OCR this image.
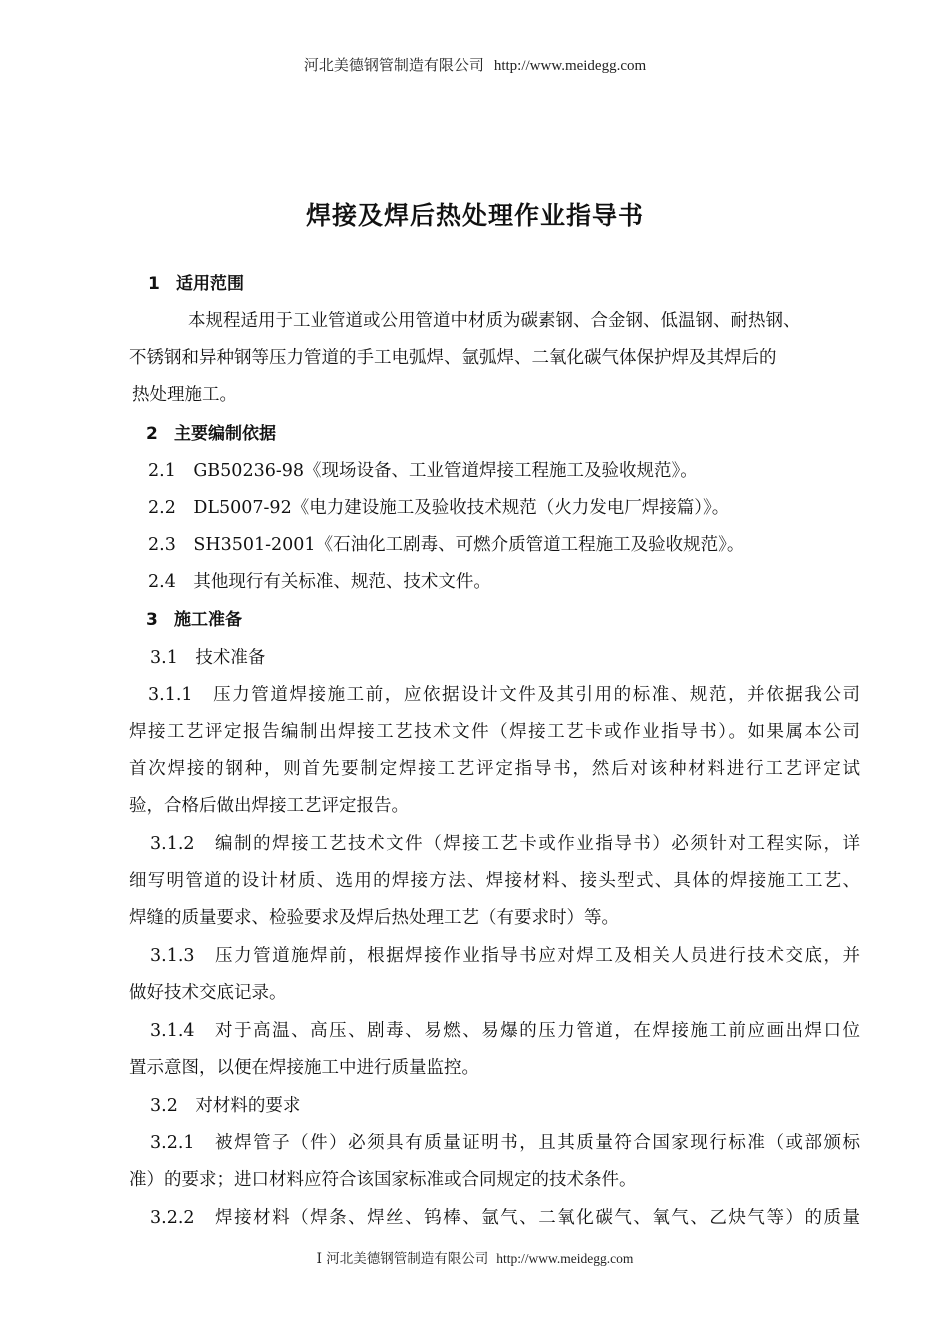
河北美德钢管制造有限公司 http://www.meidegg.com
焊接及焊后热处理作业指导书
1 适用范围
本规程适用于工业管道或公用管道中材质为碳素钢、合金钢、低温钢、耐热钢、
不锈钢和异种钢等压力管道的手工电弧焊、氩弧焊、二氧化碳气体保护焊及其焊后的
热处理施工。
2 主要编制依据
2.1　GB50236-98《现场设备、工业管道焊接工程施工及验收规范》。
2.2　DL5007-92《电力建设施工及验收技术规范（火力发电厂焊接篇）》。
2.3　SH3501-2001《石油化工剧毒、可燃介质管道工程施工及验收规范》。
2.4　其他现行有关标准、规范、技术文件。
3 施工准备
3.1　技术准备
3.1.1　压力管道焊接施工前，应依据设计文件及其引用的标准、规范，并依据我公司
焊接工艺评定报告编制出焊接工艺技术文件（焊接工艺卡或作业指导书）。如果属本公司
首次焊接的钢种，则首先要制定焊接工艺评定指导书，然后对该种材料进行工艺评定试
验，合格后做出焊接工艺评定报告。
3.1.2　编制的焊接工艺技术文件（焊接工艺卡或作业指导书）必须针对工程实际，详
细写明管道的设计材质、选用的焊接方法、焊接材料、接头型式、具体的焊接施工工艺、
焊缝的质量要求、检验要求及焊后热处理工艺（有要求时）等。
3.1.3　压力管道施焊前，根据焊接作业指导书应对焊工及相关人员进行技术交底，并
做好技术交底记录。
3.1.4　对于高温、高压、剧毒、易燃、易爆的压力管道，在焊接施工前应画出焊口位
置示意图，以便在焊接施工中进行质量监控。
3.2　对材料的要求
3.2.1　被焊管子（件）必须具有质量证明书，且其质量符合国家现行标准（或部颁标
准）的要求；进口材料应符合该国家标准或合同规定的技术条件。
3.2.2　焊接材料（焊条、焊丝、钨棒、氩气、二氧化碳气、氧气、乙炔气等）的质量
I 河北美德钢管制造有限公司 http://www.meidegg.com
